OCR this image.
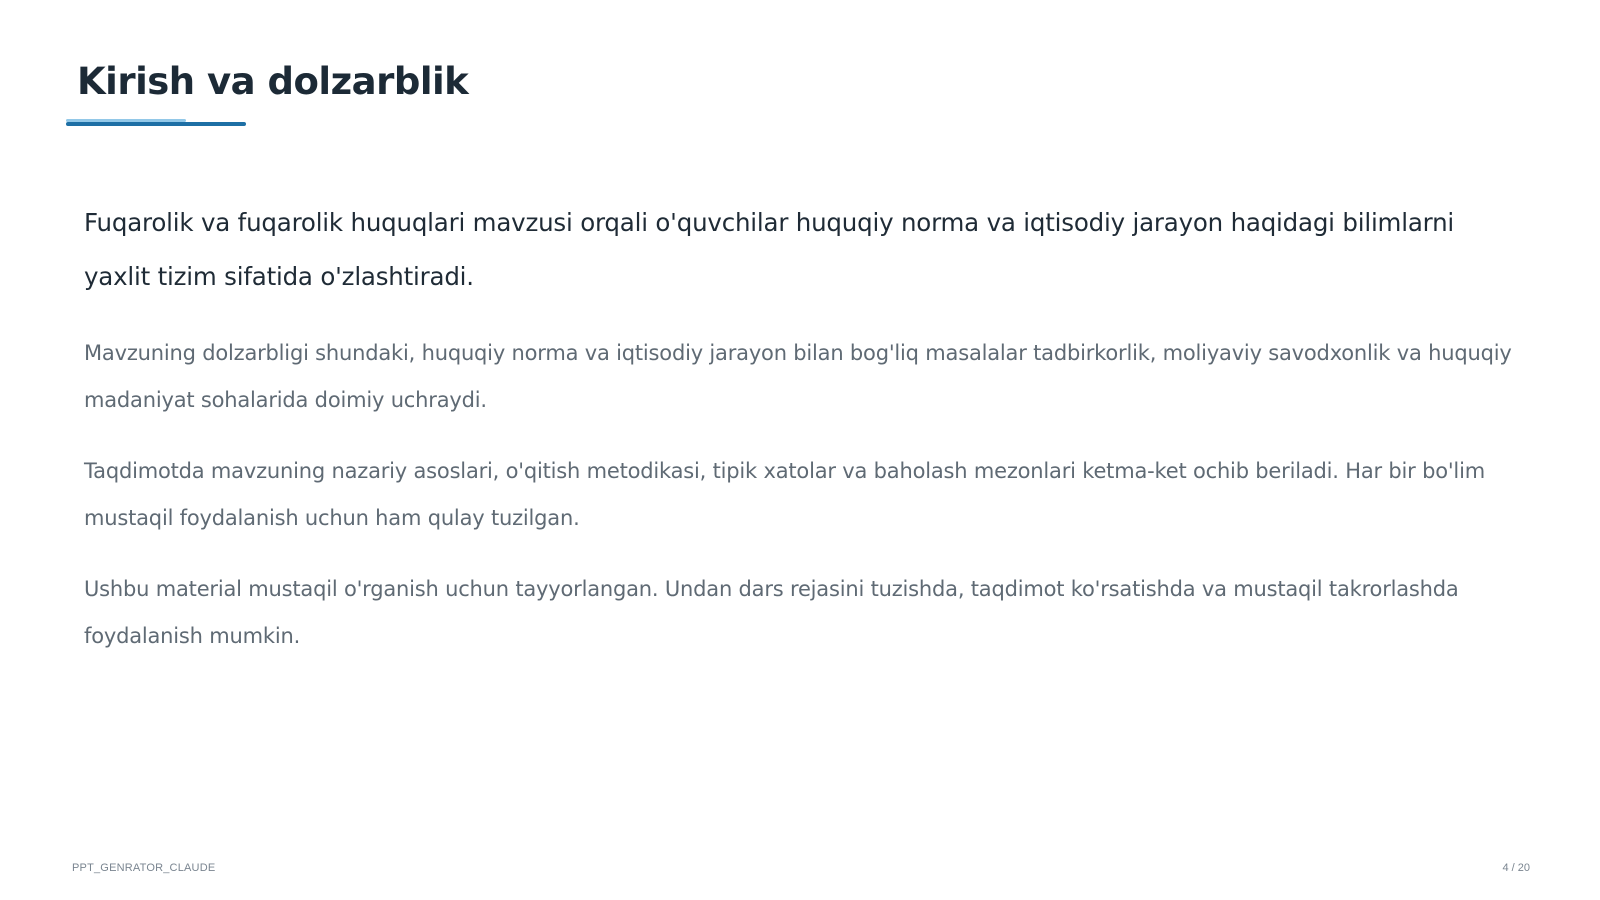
Kirish va dolzarblik

Fuqarolik va fuqarolik huquqlari mavzusi orqali o'quvchilar huquqiy norma va iqtisodiy jarayon haqidagi bilimlarni yaxlit tizim sifatida o'zlashtiradi.

Mavzuning dolzarbligi shundaki, huquqiy norma va iqtisodiy jarayon bilan bog'liq masalalar tadbirkorlik, moliyaviy savodxonlik va huquqiy madaniyat sohalarida doimiy uchraydi.

Taqdimotda mavzuning nazariy asoslari, o'qitish metodikasi, tipik xatolar va baholash mezonlari ketma-ket ochib beriladi. Har bir bo'lim mustaqil foydalanish uchun ham qulay tuzilgan.

Ushbu material mustaqil o'rganish uchun tayyorlangan. Undan dars rejasini tuzishda, taqdimot ko'rsatishda va mustaqil takrorlashda foydalanish mumkin.

PPT_GENRATOR_CLAUDE	4 / 20
